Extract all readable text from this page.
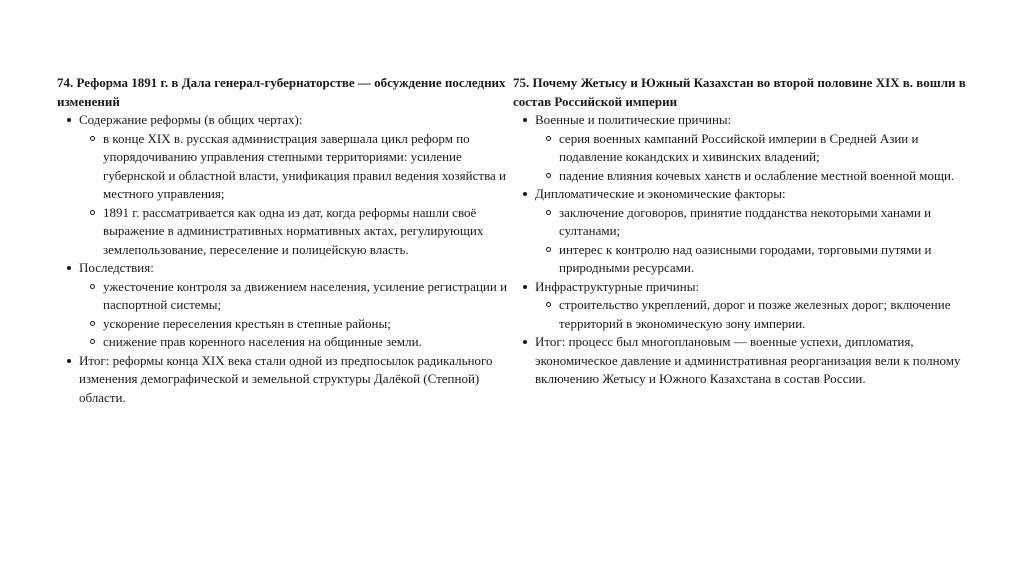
74. Реформа 1891 г. в Дала генерал-губернаторстве — обсуждение последних изменений
Содержание реформы (в общих чертах):
в конце XIX в. русская администрация завершала цикл реформ по упорядочиванию управления степными территориями: усиление губернской и областной власти, унификация правил ведения хозяйства и местного управления;
1891 г. рассматривается как одна из дат, когда реформы нашли своё выражение в административных нормативных актах, регулирующих землепользование, переселение и полицейскую власть.
Последствия:
ужесточение контроля за движением населения, усиление регистрации и паспортной системы;
ускорение переселения крестьян в степные районы;
снижение прав коренного населения на общинные земли.
Итог: реформы конца XIX века стали одной из предпосылок радикального изменения демографической и земельной структуры Далёкой (Степной) области.
75. Почему Жетысу и Южный Казахстан во второй половине XIX в. вошли в состав Российской империи
Военные и политические причины:
серия военных кампаний Российской империи в Средней Азии и подавление кокандских и хивинских владений;
падение влияния кочевых ханств и ослабление местной военной мощи.
Дипломатические и экономические факторы:
заключение договоров, принятие подданства некоторыми ханами и султанами;
интерес к контролю над оазисными городами, торговыми путями и природными ресурсами.
Инфраструктурные причины:
строительство укреплений, дорог и позже железных дорог; включение территорий в экономическую зону империи.
Итог: процесс был многоплановым — военные успехи, дипломатия, экономическое давление и административная реорганизация вели к полному включению Жетысу и Южного Казахстана в состав России.
